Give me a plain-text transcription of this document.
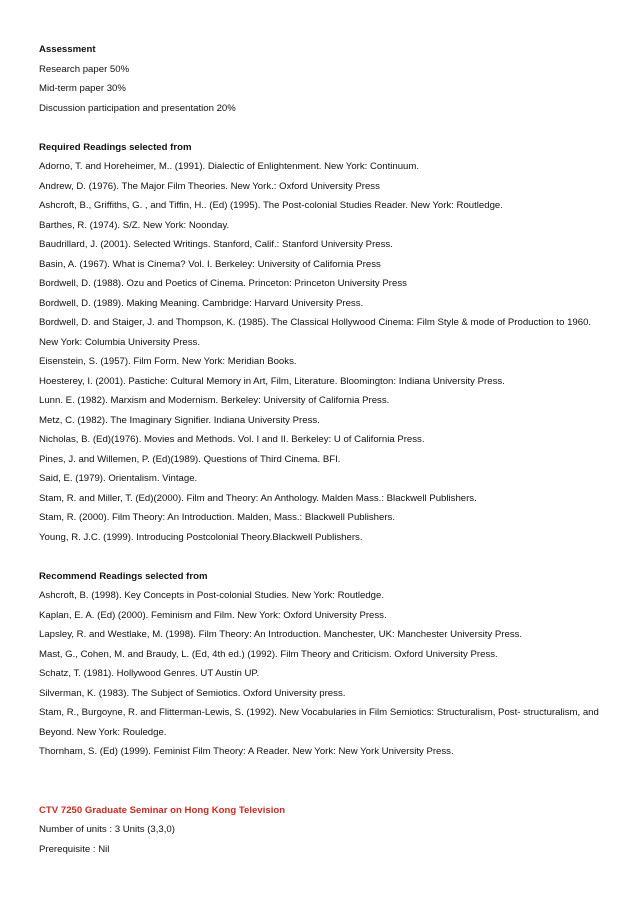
Assessment
Research paper 50%
Mid-term paper 30%
Discussion participation and presentation 20%
Required Readings selected from
Adorno, T. and Horeheimer, M.. (1991). Dialectic of Enlightenment. New York: Continuum.
Andrew, D. (1976). The Major Film Theories. New York.: Oxford University Press
Ashcroft, B., Griffiths, G. , and Tiffin, H.. (Ed) (1995). The Post-colonial Studies Reader. New York: Routledge.
Barthes, R. (1974). S/Z. New York: Noonday.
Baudrillard, J. (2001). Selected Writings. Stanford, Calif.: Stanford University Press.
Basin, A. (1967). What is Cinema? Vol. I. Berkeley: University of California Press
Bordwell, D. (1988). Ozu and Poetics of Cinema. Princeton: Princeton University Press
Bordwell, D. (1989). Making Meaning. Cambridge: Harvard University Press.
Bordwell, D. and Staiger, J. and Thompson, K. (1985). The Classical Hollywood Cinema: Film Style & mode of Production to 1960.
New York: Columbia University Press.
Eisenstein, S. (1957). Film Form. New York: Meridian Books.
Hoesterey, I. (2001). Pastiche: Cultural Memory in Art, Film, Literature. Bloomington: Indiana University Press.
Lunn. E. (1982). Marxism and Modernism. Berkeley: University of California Press.
Metz, C. (1982). The Imaginary Signifier. Indiana University Press.
Nicholas, B. (Ed)(1976). Movies and Methods. Vol. I and II. Berkeley: U of California Press.
Pines, J. and Willemen, P. (Ed)(1989). Questions of Third Cinema. BFI.
Said, E. (1979). Orientalism. Vintage.
Stam, R. and Miller, T. (Ed)(2000). Film and Theory: An Anthology. Malden Mass.: Blackwell Publishers.
Stam, R. (2000). Film Theory: An Introduction. Malden, Mass.: Blackwell Publishers.
Young, R. J.C. (1999). Introducing Postcolonial Theory.Blackwell Publishers.
Recommend Readings selected from
Ashcroft, B. (1998). Key Concepts in Post-colonial Studies. New York: Routledge.
Kaplan, E. A. (Ed) (2000). Feminism and Film. New York: Oxford University Press.
Lapsley, R. and Westlake, M. (1998). Film Theory: An Introduction. Manchester, UK: Manchester University Press.
Mast, G., Cohen, M. and Braudy, L. (Ed, 4th ed.) (1992). Film Theory and Criticism. Oxford University Press.
Schatz, T. (1981). Hollywood Genres. UT Austin UP.
Silverman, K. (1983). The Subject of Semiotics. Oxford University press.
Stam, R., Burgoyne, R. and Flitterman-Lewis, S. (1992). New Vocabularies in Film Semiotics: Structuralism, Post- structuralism, and
Beyond. New York: Rouledge.
Thornham, S. (Ed) (1999). Feminist Film Theory: A Reader. New York: New York University Press.
CTV 7250 Graduate Seminar on Hong Kong Television
Number of units : 3 Units (3,3,0)
Prerequisite : Nil
